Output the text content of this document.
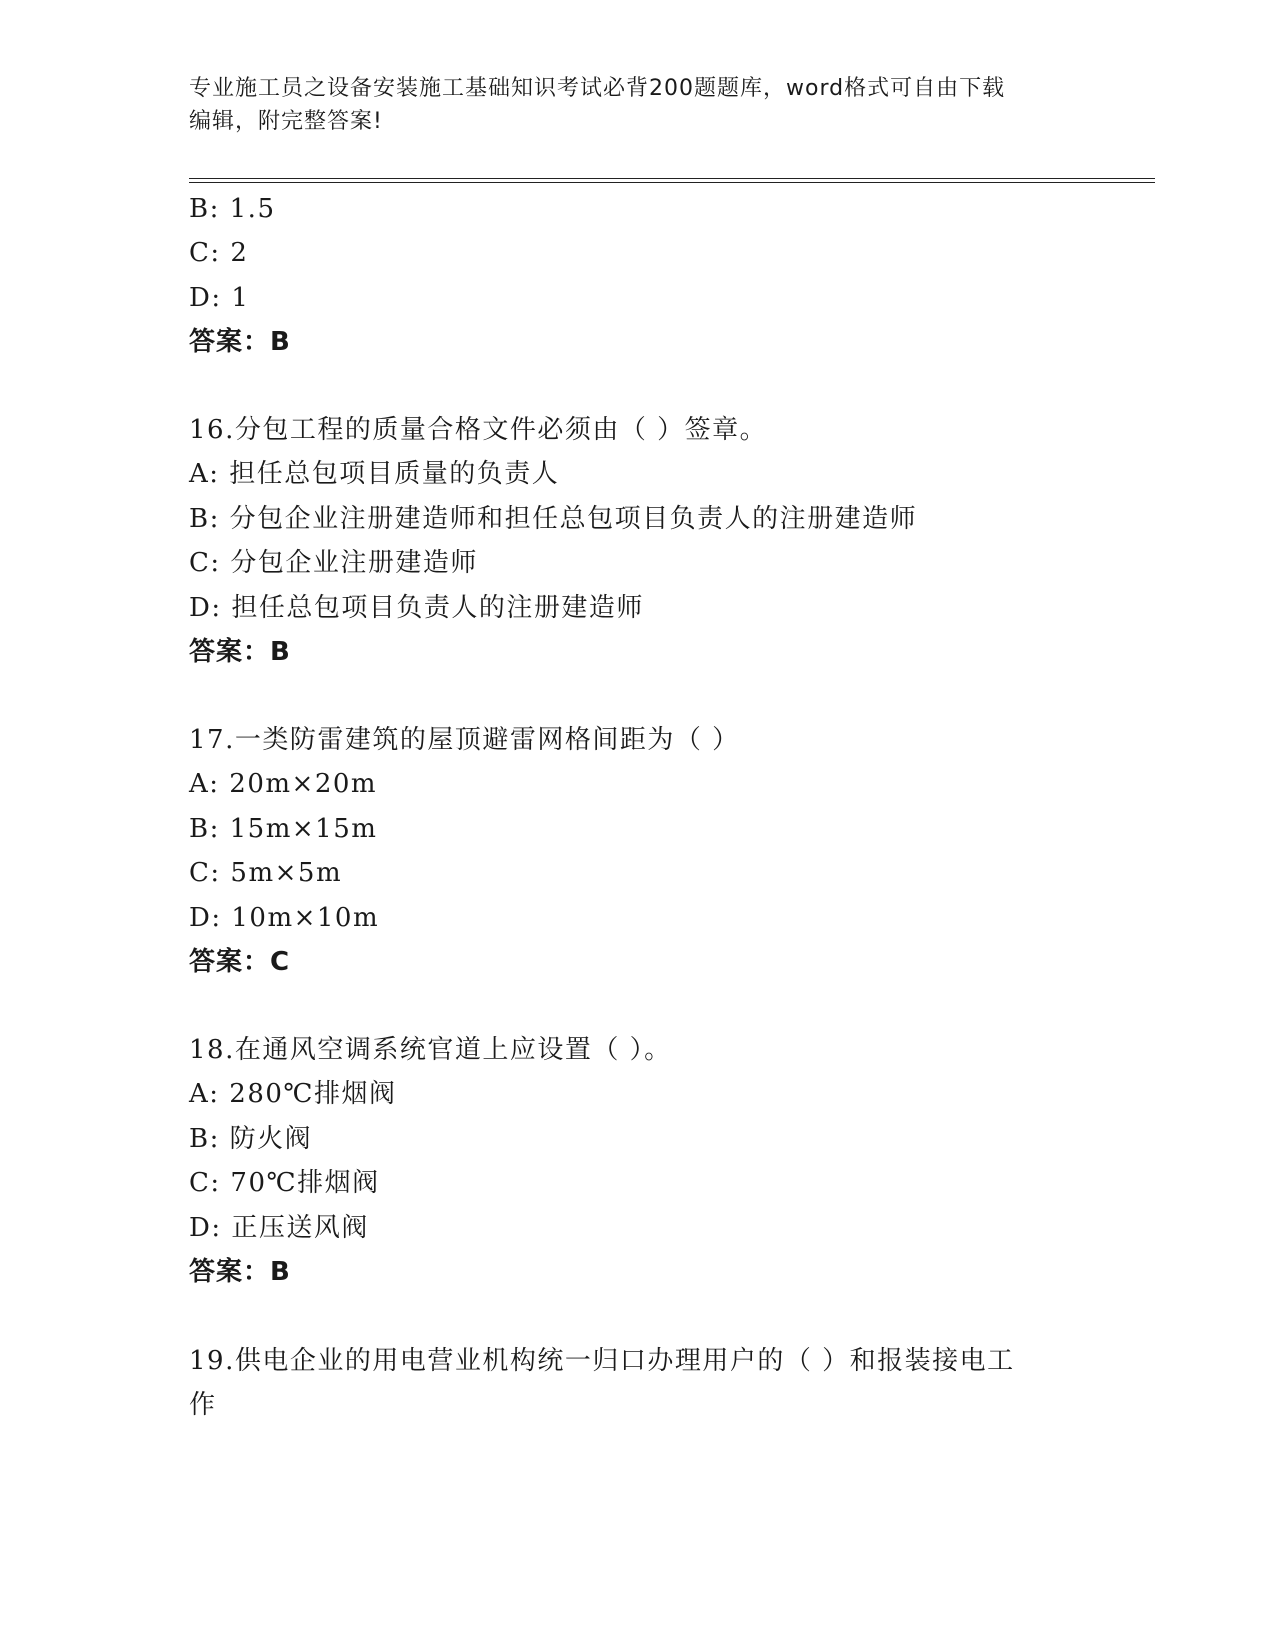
专业施工员之设备安装施工基础知识考试必背200题题库，word格式可自由下载
编辑，附完整答案!
B: 1.5
C: 2
D: 1
答案：B
16.分包工程的质量合格文件必须由（ ）签章。
A: 担任总包项目质量的负责人
B: 分包企业注册建造师和担任总包项目负责人的注册建造师
C: 分包企业注册建造师
D: 担任总包项目负责人的注册建造师
答案：B
17.一类防雷建筑的屋顶避雷网格间距为（ ）
A: 20m×20m
B: 15m×15m
C: 5m×5m
D: 10m×10m
答案：C
18.在通风空调系统官道上应设置（ ）。
A: 280℃排烟阀
B: 防火阀
C: 70℃排烟阀
D: 正压送风阀
答案：B
19.供电企业的用电营业机构统一归口办理用户的（ ）和报装接电工
作
